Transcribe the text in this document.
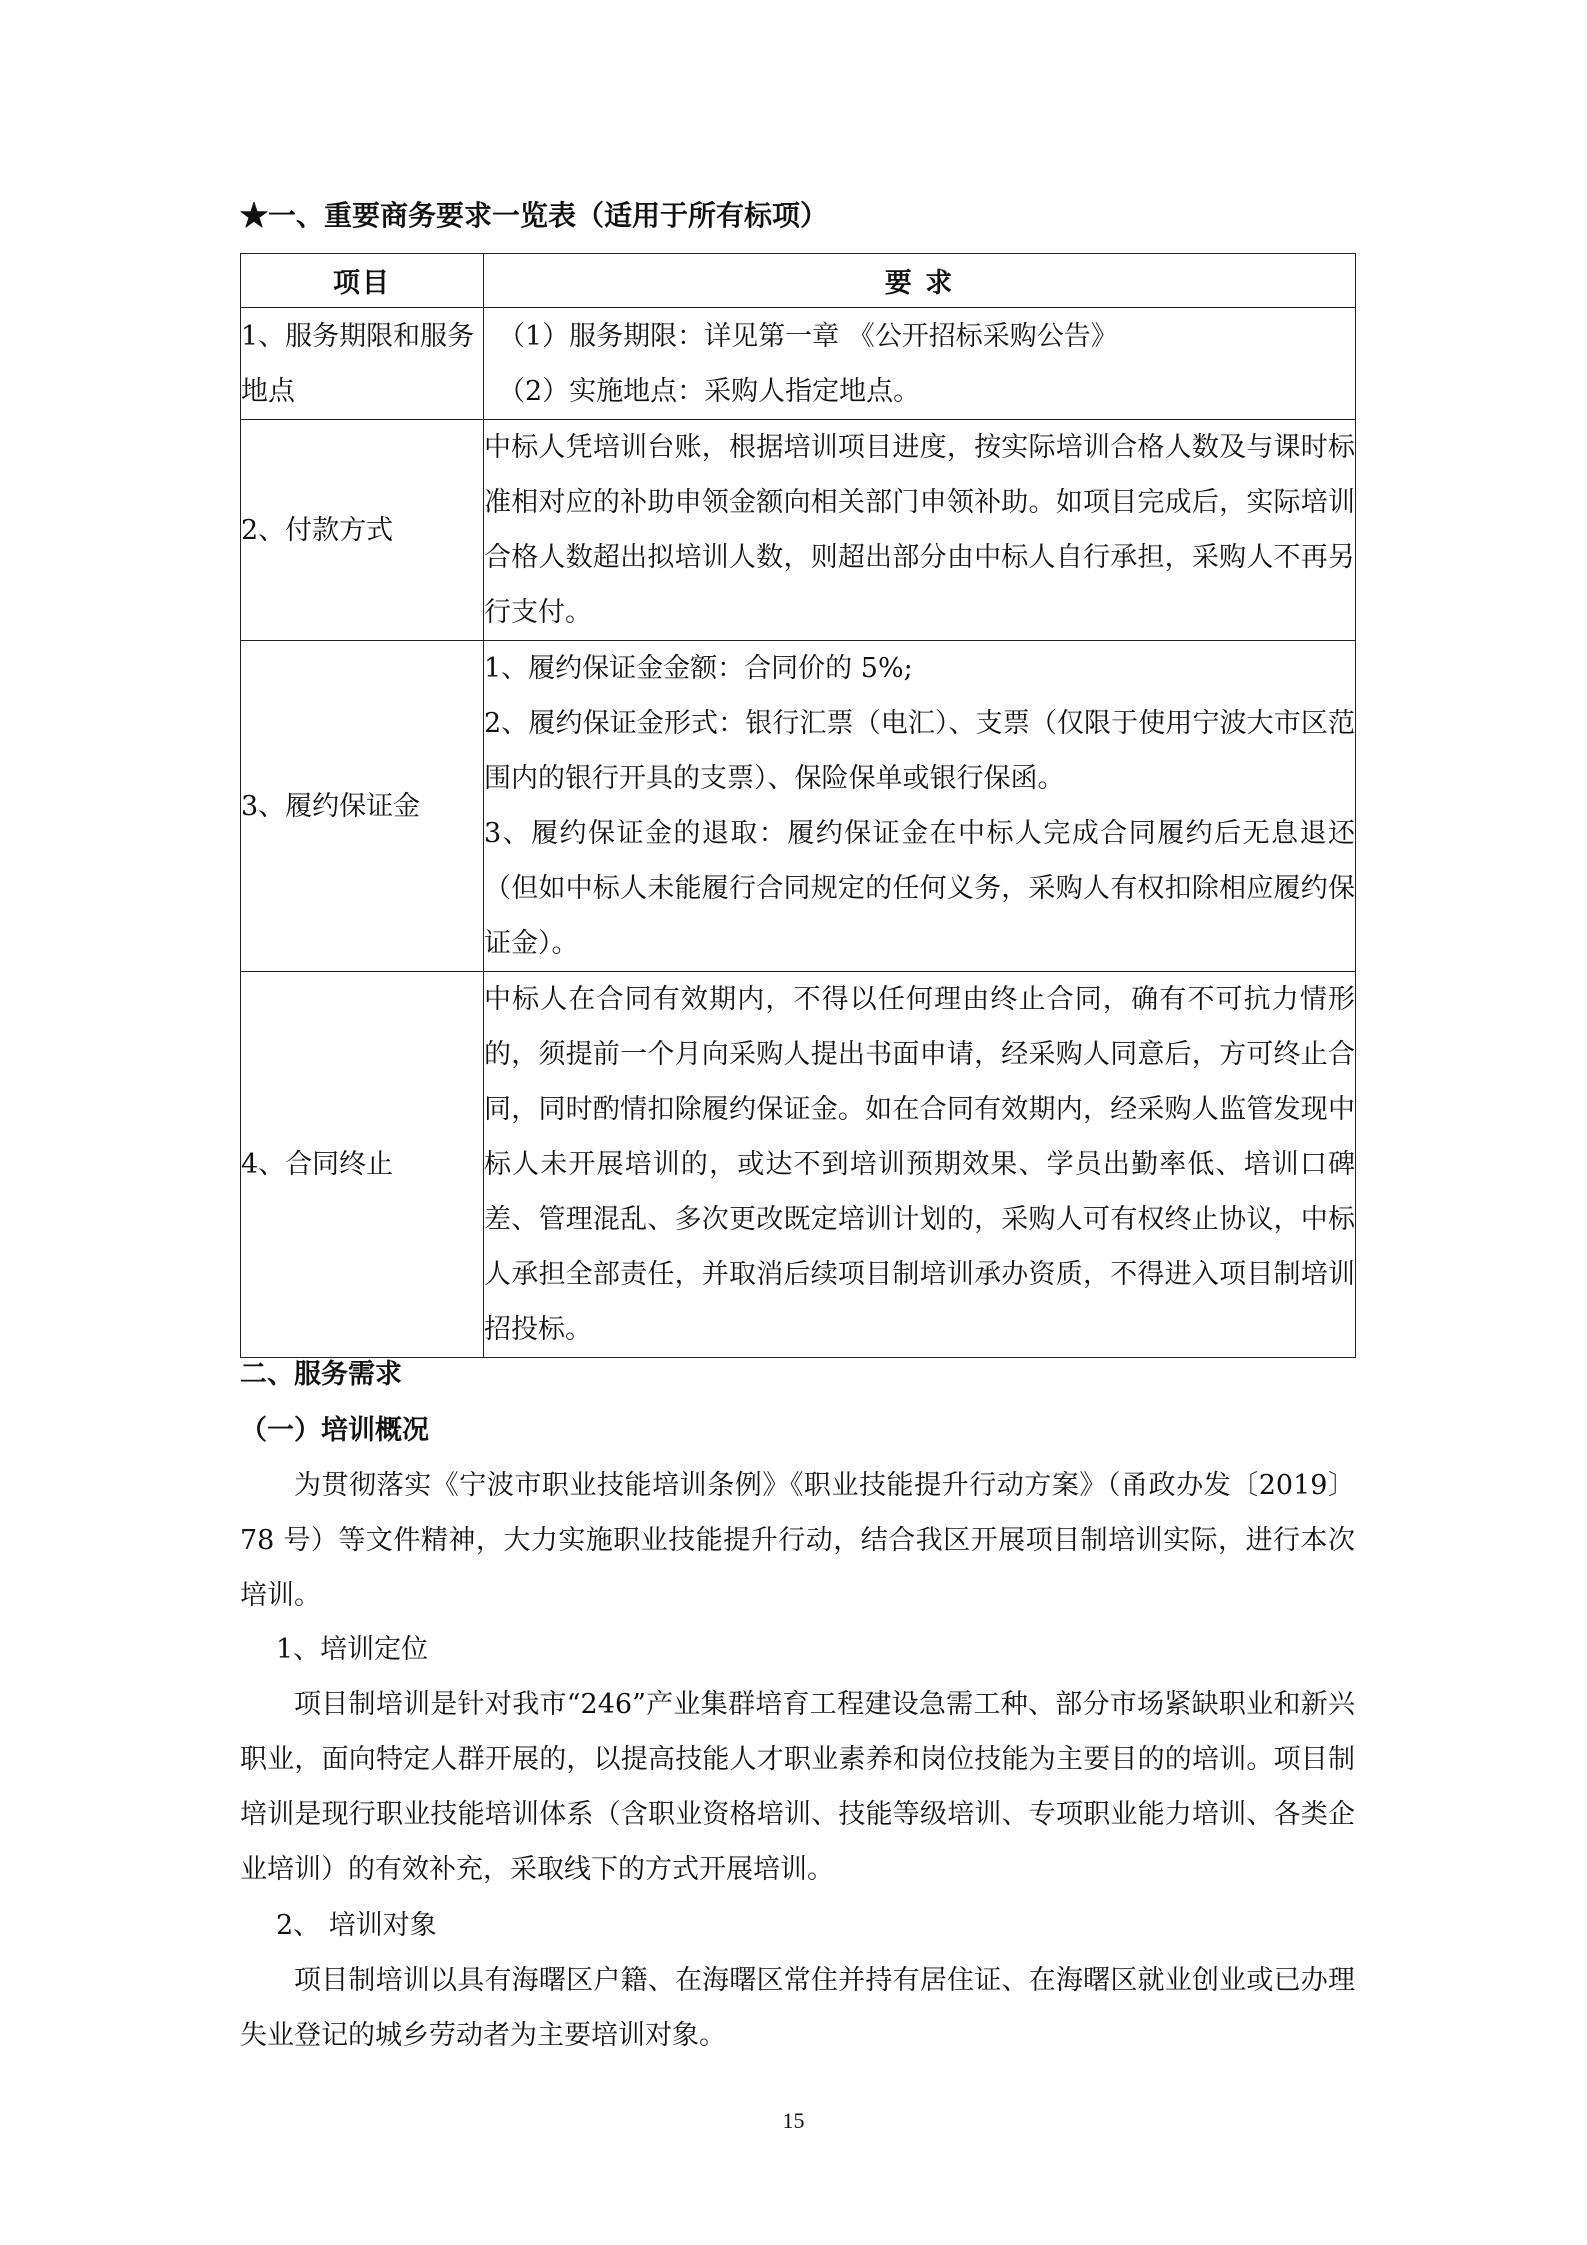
★一、重要商务要求一览表（适用于所有标项）
项目	要 求
1、服务期限和服务地点	（1）服务期限：详见第一章 《公开招标采购公告》

（2）实施地点：采购人指定地点。

2、付款方式	中标人凭培训台账，根据培训项目进度，按实际培训合格人数及与课时标准相对应的补助申领金额向相关部门申领补助。如项目完成后，实际培训合格人数超出拟培训人数，则超出部分由中标人自行承担，采购人不再另行支付。

3、履约保证金	1、履约保证金金额：合同价的 5%;

2、履约保证金形式：银行汇票（电汇）、支票（仅限于使用宁波大市区范围内的银行开具的支票）、保险保单或银行保函。

3、履约保证金的退取：履约保证金在中标人完成合同履约后无息退还（但如中标人未能履行合同规定的任何义务，采购人有权扣除相应履约保证金）。

4、合同终止	中标人在合同有效期内，不得以任何理由终止合同，确有不可抗力情形的，须提前一个月向采购人提出书面申请，经采购人同意后，方可终止合同，同时酌情扣除履约保证金。如在合同有效期内，经采购人监管发现中标人未开展培训的，或达不到培训预期效果、学员出勤率低、培训口碑差、管理混乱、多次更改既定培训计划的，采购人可有权终止协议，中标人承担全部责任，并取消后续项目制培训承办资质，不得进入项目制培训招投标。

二、服务需求
（一）培训概况

为贯彻落实《宁波市职业技能培训条例》《职业技能提升行动方案》（甬政办发〔2019〕78 号）等文件精神，大力实施职业技能提升行动，结合我区开展项目制培训实际，进行本次培训。

1、培训定位

项目制培训是针对我市“246”产业集群培育工程建设急需工种、部分市场紧缺职业和新兴职业，面向特定人群开展的，以提高技能人才职业素养和岗位技能为主要目的的培训。项目制培训是现行职业技能培训体系（含职业资格培训、技能等级培训、专项职业能力培训、各类企业培训）的有效补充，采取线下的方式开展培训。

2、 培训对象

项目制培训以具有海曙区户籍、在海曙区常住并持有居住证、在海曙区就业创业或已办理失业登记的城乡劳动者为主要培训对象。

15
